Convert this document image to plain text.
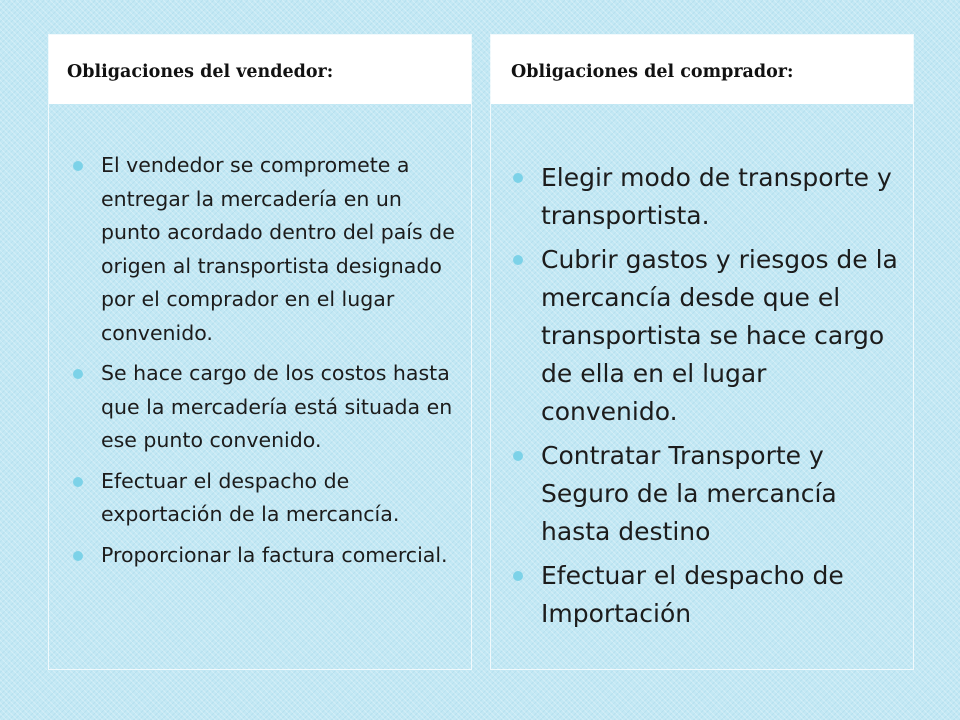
Obligaciones del vendedor:
El vendedor se compromete a entregar la mercadería en un punto acordado dentro del país de origen al transportista designado por el comprador en el lugar convenido.
Se hace cargo de los costos hasta que la mercadería está situada en ese punto convenido.
Efectuar el despacho de exportación de la mercancía.
Proporcionar la factura comercial.
Obligaciones del comprador:
Elegir modo de transporte y transportista.
Cubrir gastos y riesgos de la mercancía desde que el transportista se hace cargo de ella en el lugar convenido.
Contratar Transporte y Seguro de la mercancía hasta destino
Efectuar el despacho de Importación
